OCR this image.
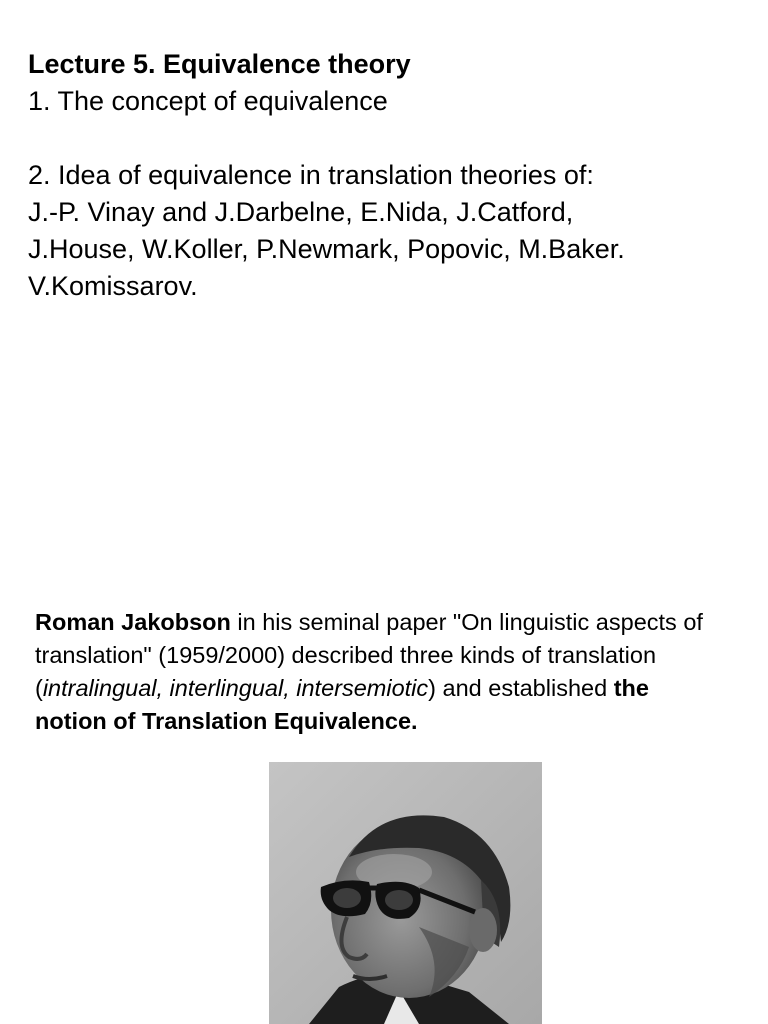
Lecture 5. Equivalence theory
1. The concept of equivalence
2. Idea of equivalence in translation theories of:
J.-P. Vinay and J.Darbelne, E.Nida, J.Catford,
J.House, W.Koller, P.Newmark, Popovic, M.Baker.
V.Komissarov.
Roman Jakobson in his seminal paper "On linguistic aspects of translation" (1959/2000) described three kinds of translation (intralingual, interlingual, intersemiotic) and established the notion of Translation Equivalence.
